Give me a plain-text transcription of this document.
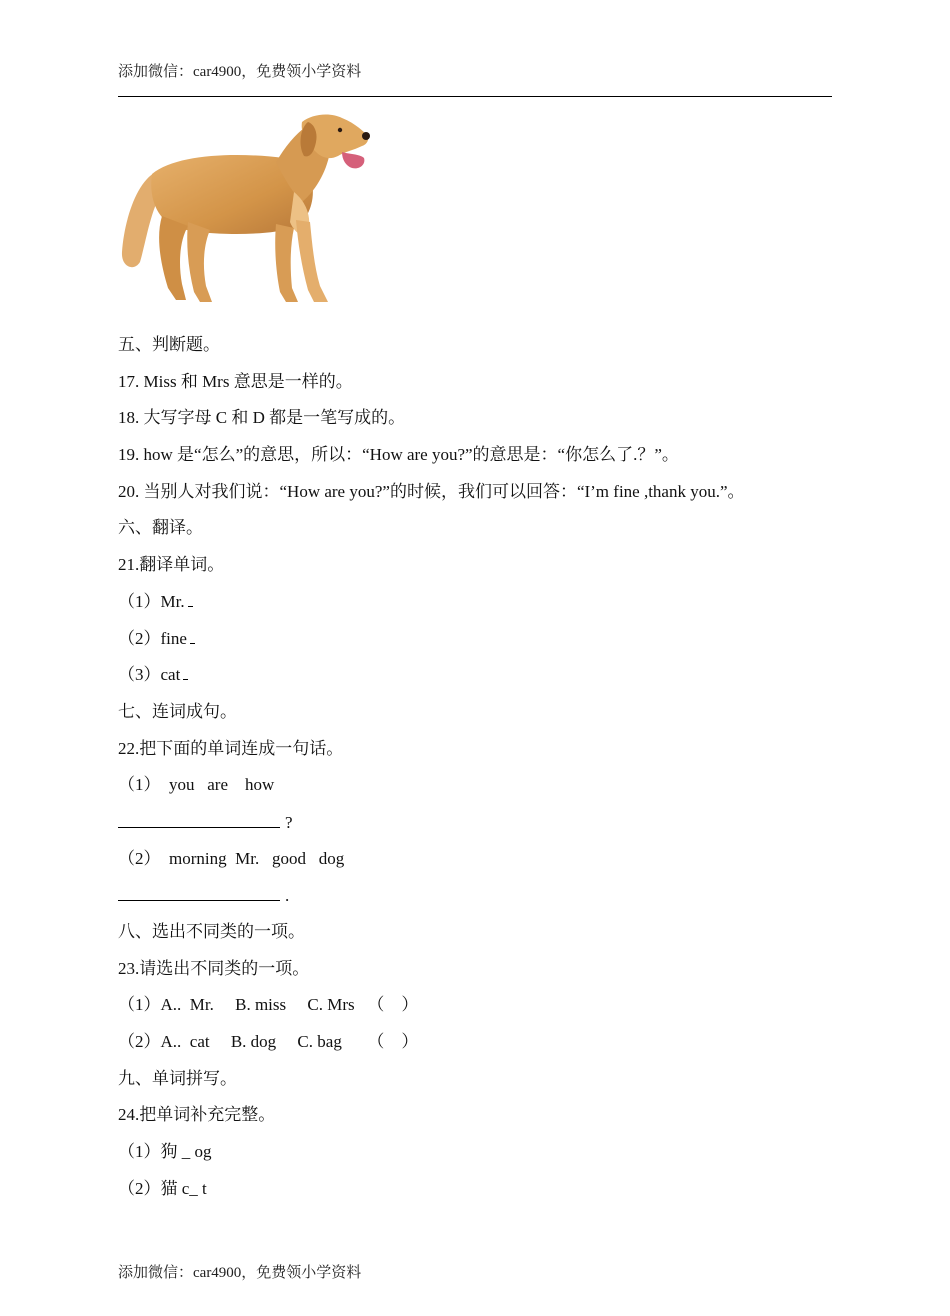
添加微信：car4900，免费领小学资料
五、判断题。
17. Miss 和 Mrs 意思是一样的。
18. 大写字母 C 和 D 都是一笔写成的。
19. how 是“怎么”的意思，所以：“How are you?”的意思是：“你怎么了.？”。
20. 当别人对我们说：“How are you?”的时候，我们可以回答：“I’m fine ,thank you.”。
六、翻译。
21.翻译单词。
（1）Mr.
（2）fine
（3）cat
七、连词成句。
22.把下面的单词连成一句话。
（1）  you   are    how
?
（2）  morning  Mr.   good   dog
.
八、选出不同类的一项。
23.请选出不同类的一项。
（1）A..  Mr.     B. miss     C. Mrs   （    ）
（2）A..  cat     B. dog     C. bag      （    ）
九、单词拼写。
24.把单词补充完整。
（1）狗 _ og
（2）猫 c_ t
添加微信：car4900，免费领小学资料
